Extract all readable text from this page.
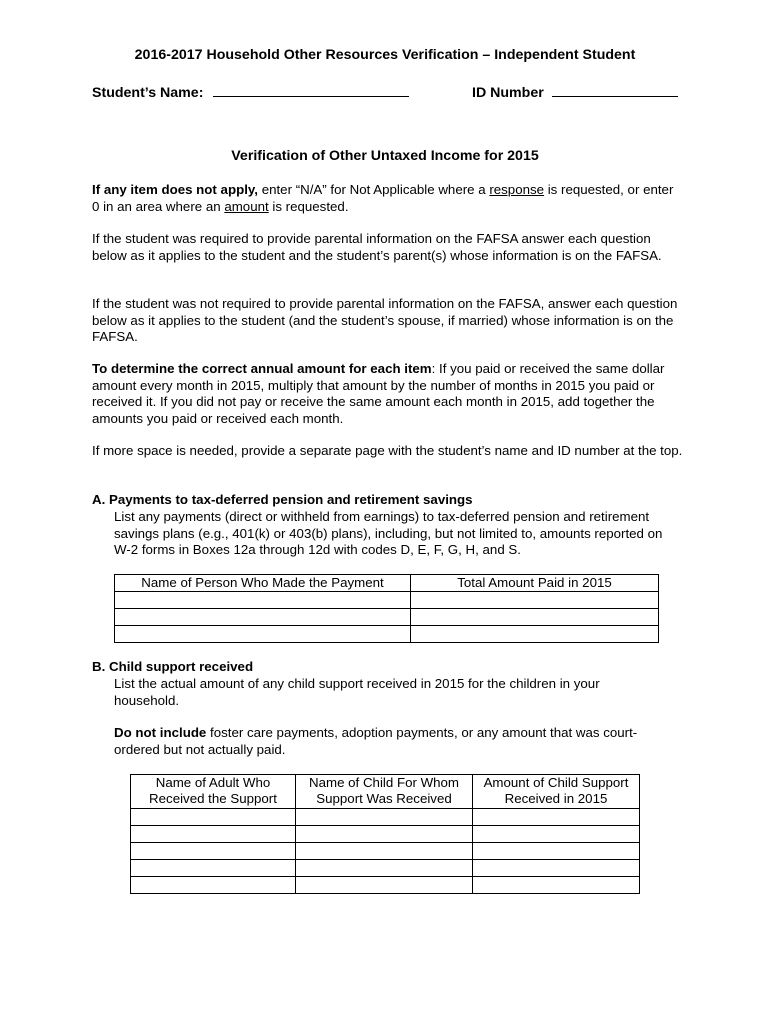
2016-2017 Household Other Resources Verification – Independent Student
Student’s Name:	ID Number
Verification of Other Untaxed Income for 2015
If any item does not apply, enter “N/A” for Not Applicable where a response is requested, or enter 0 in an area where an amount is requested.
If the student was required to provide parental information on the FAFSA answer each question below as it applies to the student and the student’s parent(s) whose information is on the FAFSA.
If the student was not required to provide parental information on the FAFSA, answer each question below as it applies to the student (and the student’s spouse, if married) whose information is on the FAFSA.
To determine the correct annual amount for each item: If you paid or received the same dollar amount every month in 2015, multiply that amount by the number of months in 2015 you paid or received it. If you did not pay or receive the same amount each month in 2015, add together the amounts you paid or received each month.
If more space is needed, provide a separate page with the student’s name and ID number at the top.
A. Payments to tax-deferred pension and retirement savings
List any payments (direct or withheld from earnings) to tax-deferred pension and retirement savings plans (e.g., 401(k) or 403(b) plans), including, but not limited to, amounts reported on W-2 forms in Boxes 12a through 12d with codes D, E, F, G, H, and S.
Name of Person Who Made the Payment	Total Amount Paid in 2015

B. Child support received
List the actual amount of any child support received in 2015 for the children in your household.
Do not include foster care payments, adoption payments, or any amount that was court-ordered but not actually paid.
Name of Adult Who Received the Support	Name of Child For Whom Support Was Received	Amount of Child Support Received in 2015
